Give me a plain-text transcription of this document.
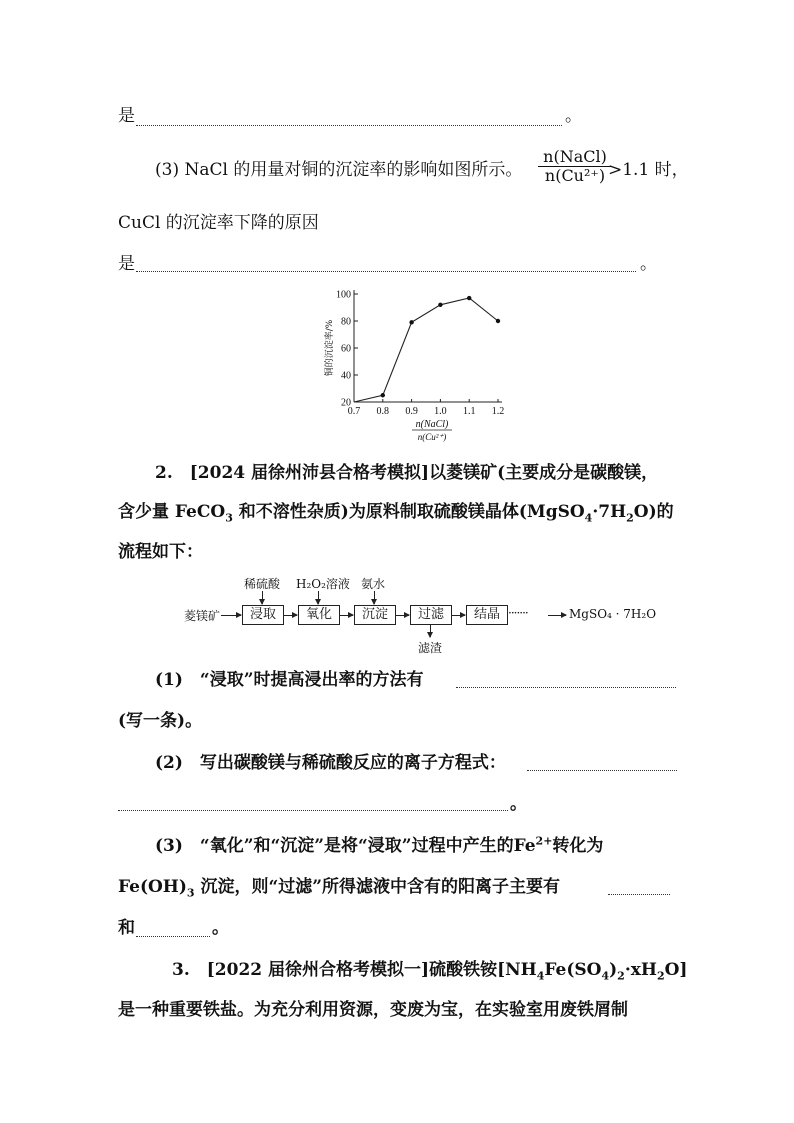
是	。
(3) NaCl 的用量对铜的沉淀率的影响如图所示。
n(NaCl)
n(Cu²⁺) >1.1 时，
CuCl 的沉淀率下降的原因
是	。
20
40
60
80
100
0.7 0.8 0.9 1.0 1.1 1.2
n(NaCl)
n(Cu²⁺)
铜的沉淀率/%
2.　[2024 届徐州沛县合格考模拟]以菱镁矿(主要成分是碳酸镁，
含少量 FeCO$_3$ 和不溶性杂质)为原料制取硫酸镁晶体$(MgSO_4\cdot 7H_2O)$的
流程如下：
菱镁矿	浸取	氧化	沉淀	过滤	结晶 ·······	MgSO₄ · 7H₂O
稀硫酸 H₂O₂溶液 氨水
滤渣
(1)　“浸取”时提高浸出率的方法有
(写一条)。
(2)　写出碳酸镁与稀硫酸反应的离子方程式：
。
(3)　“氧化”和“沉淀”是将“浸取”过程中产生的$Fe^{2+}$转化为
$Fe(OH)_3$ 沉淀，则“过滤”所得滤液中含有的阳离子主要有
和	。
3.　[2022 届徐州合格考模拟一]硫酸铁铵$[NH_4Fe(SO_4)_2\cdot xH_2O]$
是一种重要铁盐。为充分利用资源，变废为宝，在实验室用废铁屑制
